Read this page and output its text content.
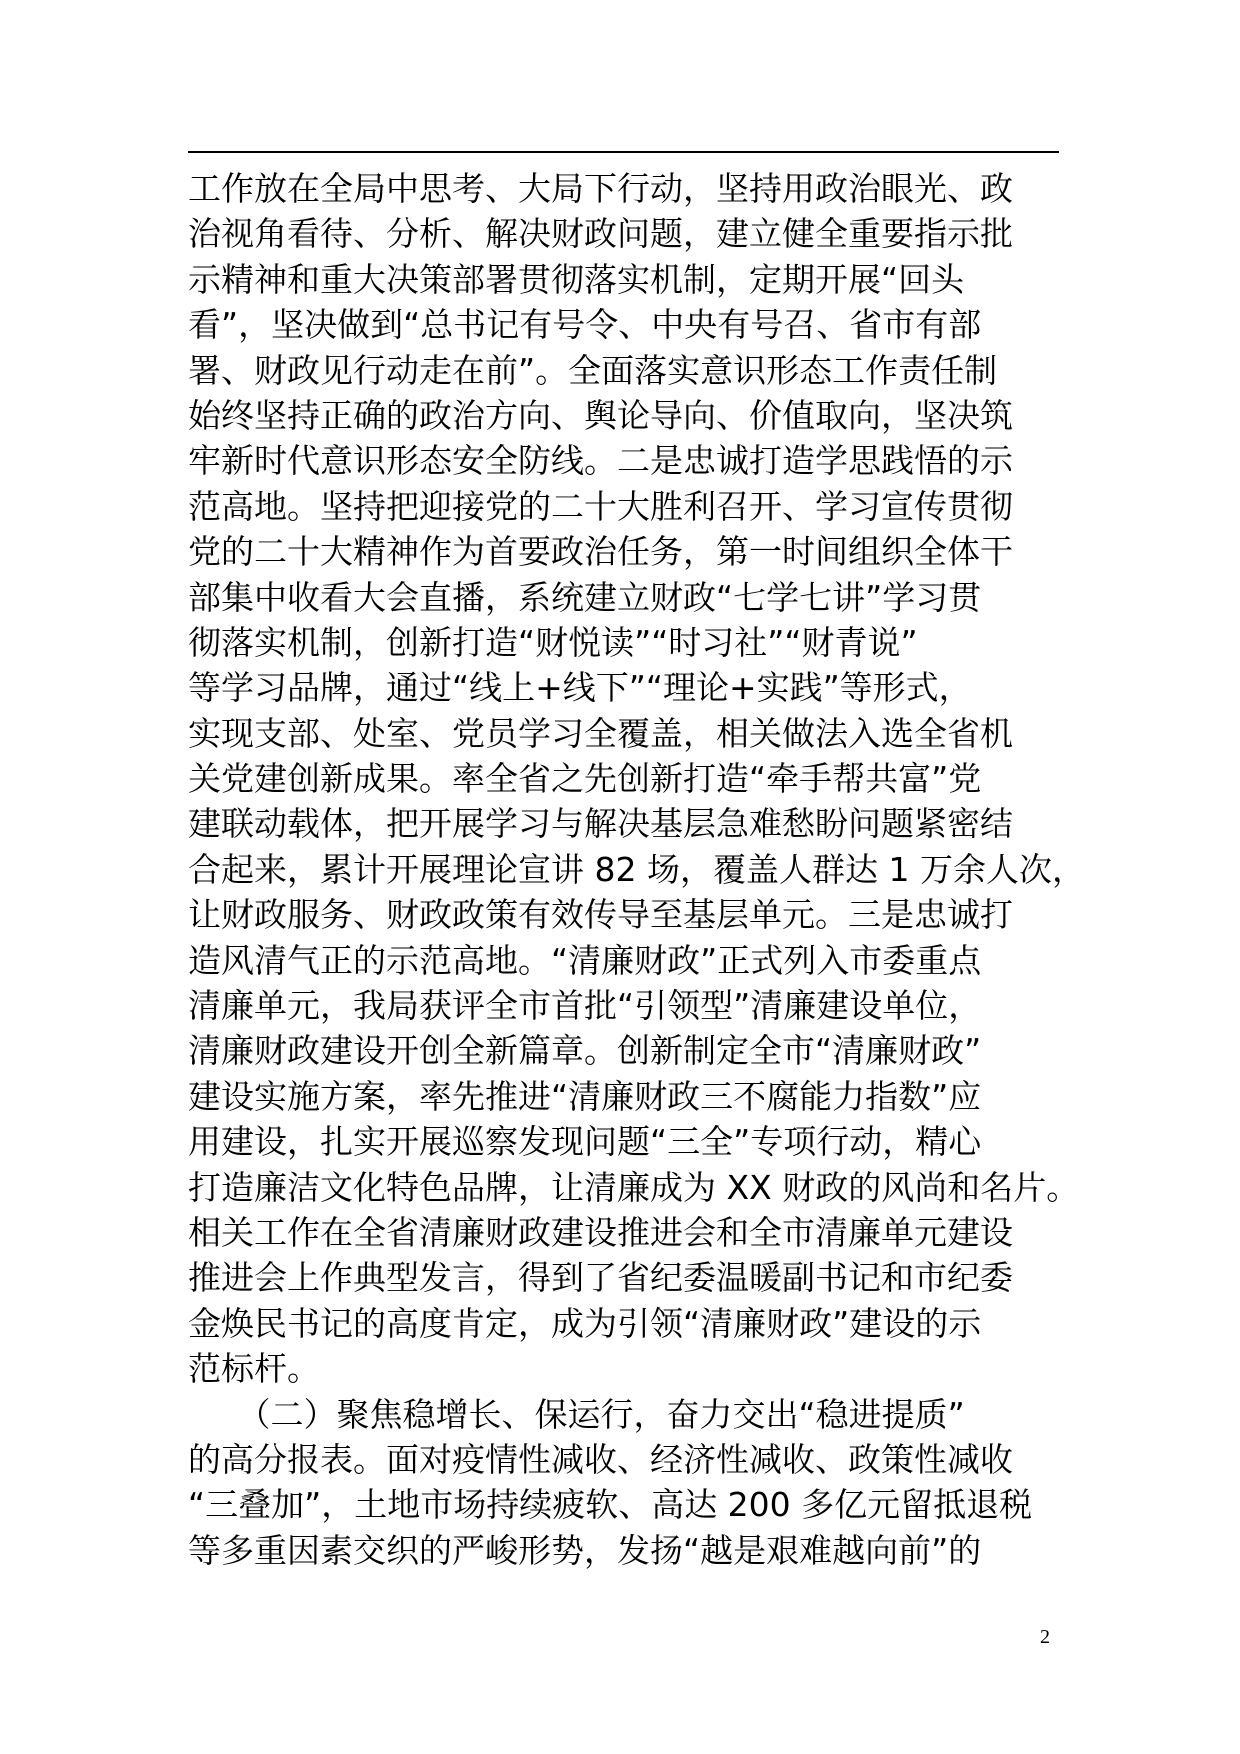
工作放在全局中思考、大局下行动，坚持用政治眼光、政
治视角看待、分析、解决财政问题，建立健全重要指示批
示精神和重大决策部署贯彻落实机制，定期开展“回头
看”，坚决做到“总书记有号令、中央有号召、省市有部
署、财政见行动走在前”。全面落实意识形态工作责任制
始终坚持正确的政治方向、舆论导向、价值取向，坚决筑
牢新时代意识形态安全防线。二是忠诚打造学思践悟的示
范高地。坚持把迎接党的二十大胜利召开、学习宣传贯彻
党的二十大精神作为首要政治任务，第一时间组织全体干
部集中收看大会直播，系统建立财政“七学七讲”学习贯
彻落实机制，创新打造“财悦读”“时习社”“财青说”
等学习品牌，通过“线上+线下”“理论+实践”等形式，
实现支部、处室、党员学习全覆盖，相关做法入选全省机
关党建创新成果。率全省之先创新打造“牵手帮共富”党
建联动载体，把开展学习与解决基层急难愁盼问题紧密结
合起来，累计开展理论宣讲 82 场，覆盖人群达 1 万余人次，
让财政服务、财政政策有效传导至基层单元。三是忠诚打
造风清气正的示范高地。“清廉财政”正式列入市委重点
清廉单元，我局获评全市首批“引领型”清廉建设单位，
清廉财政建设开创全新篇章。创新制定全市“清廉财政”
建设实施方案，率先推进“清廉财政三不腐能力指数”应
用建设，扎实开展巡察发现问题“三全”专项行动，精心
打造廉洁文化特色品牌，让清廉成为 XX 财政的风尚和名片。
相关工作在全省清廉财政建设推进会和全市清廉单元建设
推进会上作典型发言，得到了省纪委温暖副书记和市纪委
金焕民书记的高度肯定，成为引领“清廉财政”建设的示
范标杆。
　　（二）聚焦稳增长、保运行，奋力交出“稳进提质”
的高分报表。面对疫情性减收、经济性减收、政策性减收
“三叠加”，土地市场持续疲软、高达 200 多亿元留抵退税
等多重因素交织的严峻形势，发扬“越是艰难越向前”的
2
